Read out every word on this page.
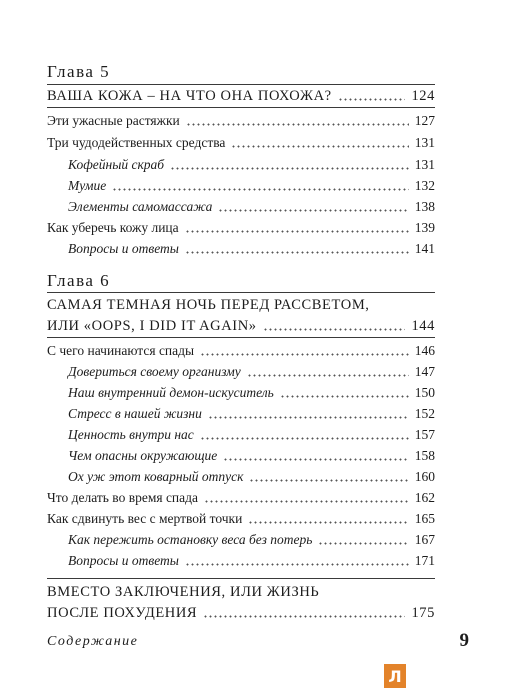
Глава 5
ВАША КОЖА – НА ЧТО ОНА ПОХОЖА?	124
Эти ужасные растяжки	127
Три чудодейственных средства	131
Кофейный скраб	131
Мумие	132
Элементы самомассажа	138
Как уберечь кожу лица	139
Вопросы и ответы	141
Глава 6
САМАЯ ТЕМНАЯ НОЧЬ ПЕРЕД РАССВЕТОМ,
ИЛИ «OOPS, I DID IT AGAIN»	144
С чего начинаются спады	146
Довериться своему организму	147
Наш внутренний демон-искуситель	150
Стресс в нашей жизни	152
Ценность внутри нас	157
Чем опасны окружающие	158
Ох уж этот коварный отпуск	160
Что делать во время спада	162
Как сдвинуть вес с мертвой точки	165
Как пережить остановку веса без потерь	167
Вопросы и ответы	171
ВМЕСТО ЗАКЛЮЧЕНИЯ, ИЛИ ЖИЗНЬ
ПОСЛЕ ПОХУДЕНИЯ	175
Содержание	9
Л
